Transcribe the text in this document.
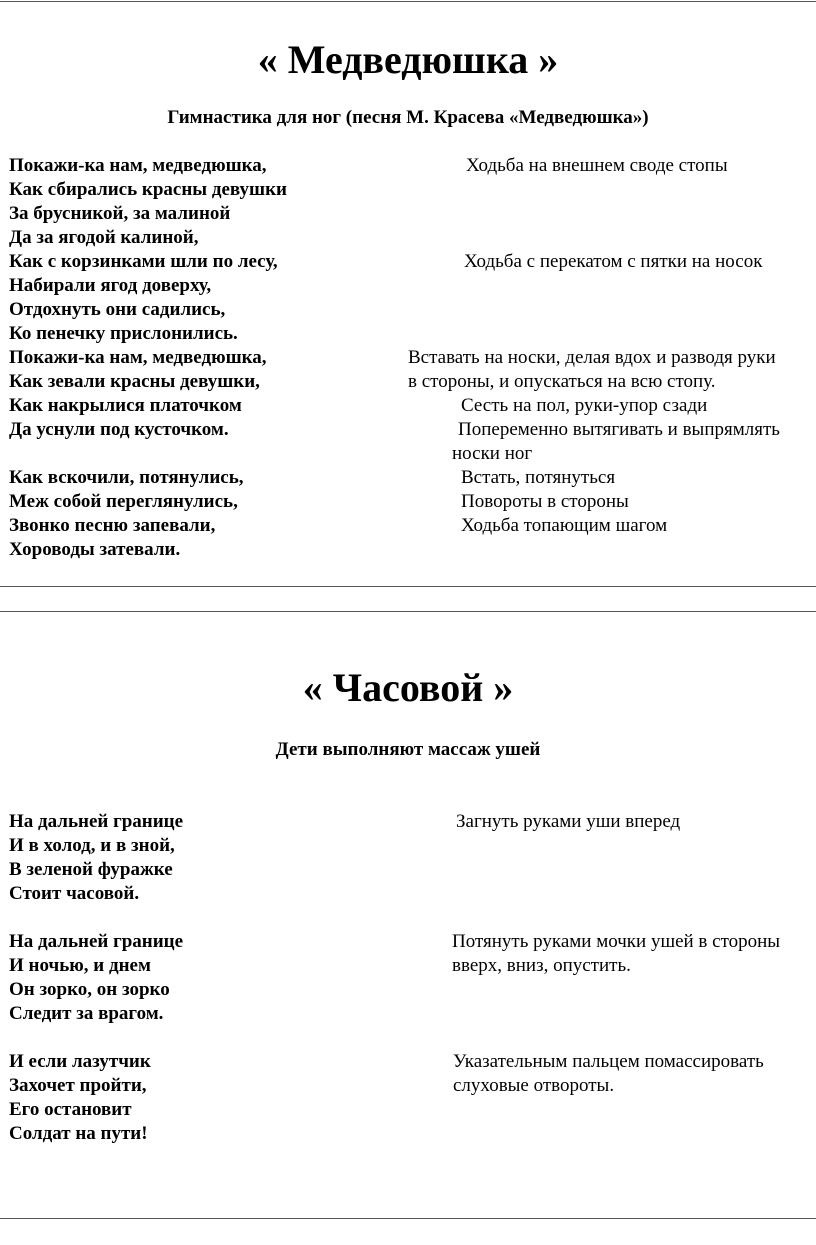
« Медведюшка »
Гимнастика для ног (песня М. Красева «Медведюшка»)
Покажи-ка нам, медведюшка,
Как сбирались красны девушки
За брусникой, за малиной
Да за ягодой калиной,
Как с корзинками шли по лесу,
Набирали ягод доверху,
Отдохнуть они садились,
Ко пенечку прислонились.
Покажи-ка нам, медведюшка,
Как зевали красны девушки,
Как накрылися платочком
Да уснули под кусточком.
Как вскочили, потянулись,
Меж собой переглянулись,
Звонко песню запевали,
Хороводы затевали.
Ходьба на внешнем своде стопы
Ходьба с перекатом с пятки на носок
Вставать на носки, делая вдох и разводя руки
в стороны, и опускаться на всю стопу.
Сесть на пол, руки-упор сзади
Попеременно вытягивать и выпрямлять
носки ног
Встать, потянуться
Повороты в стороны
Ходьба топающим шагом
« Часовой »
Дети выполняют массаж ушей
На дальней границе
И в холод, и в зной,
В зеленой фуражке
Стоит часовой.
На дальней границе
И ночью, и днем
Он зорко, он зорко
Следит за врагом.
И если лазутчик
Захочет пройти,
Его остановит
Солдат на пути!
Загнуть руками уши вперед
Потянуть руками мочки ушей в стороны
вверх, вниз, опустить.
Указательным пальцем помассировать
слуховые отвороты.
